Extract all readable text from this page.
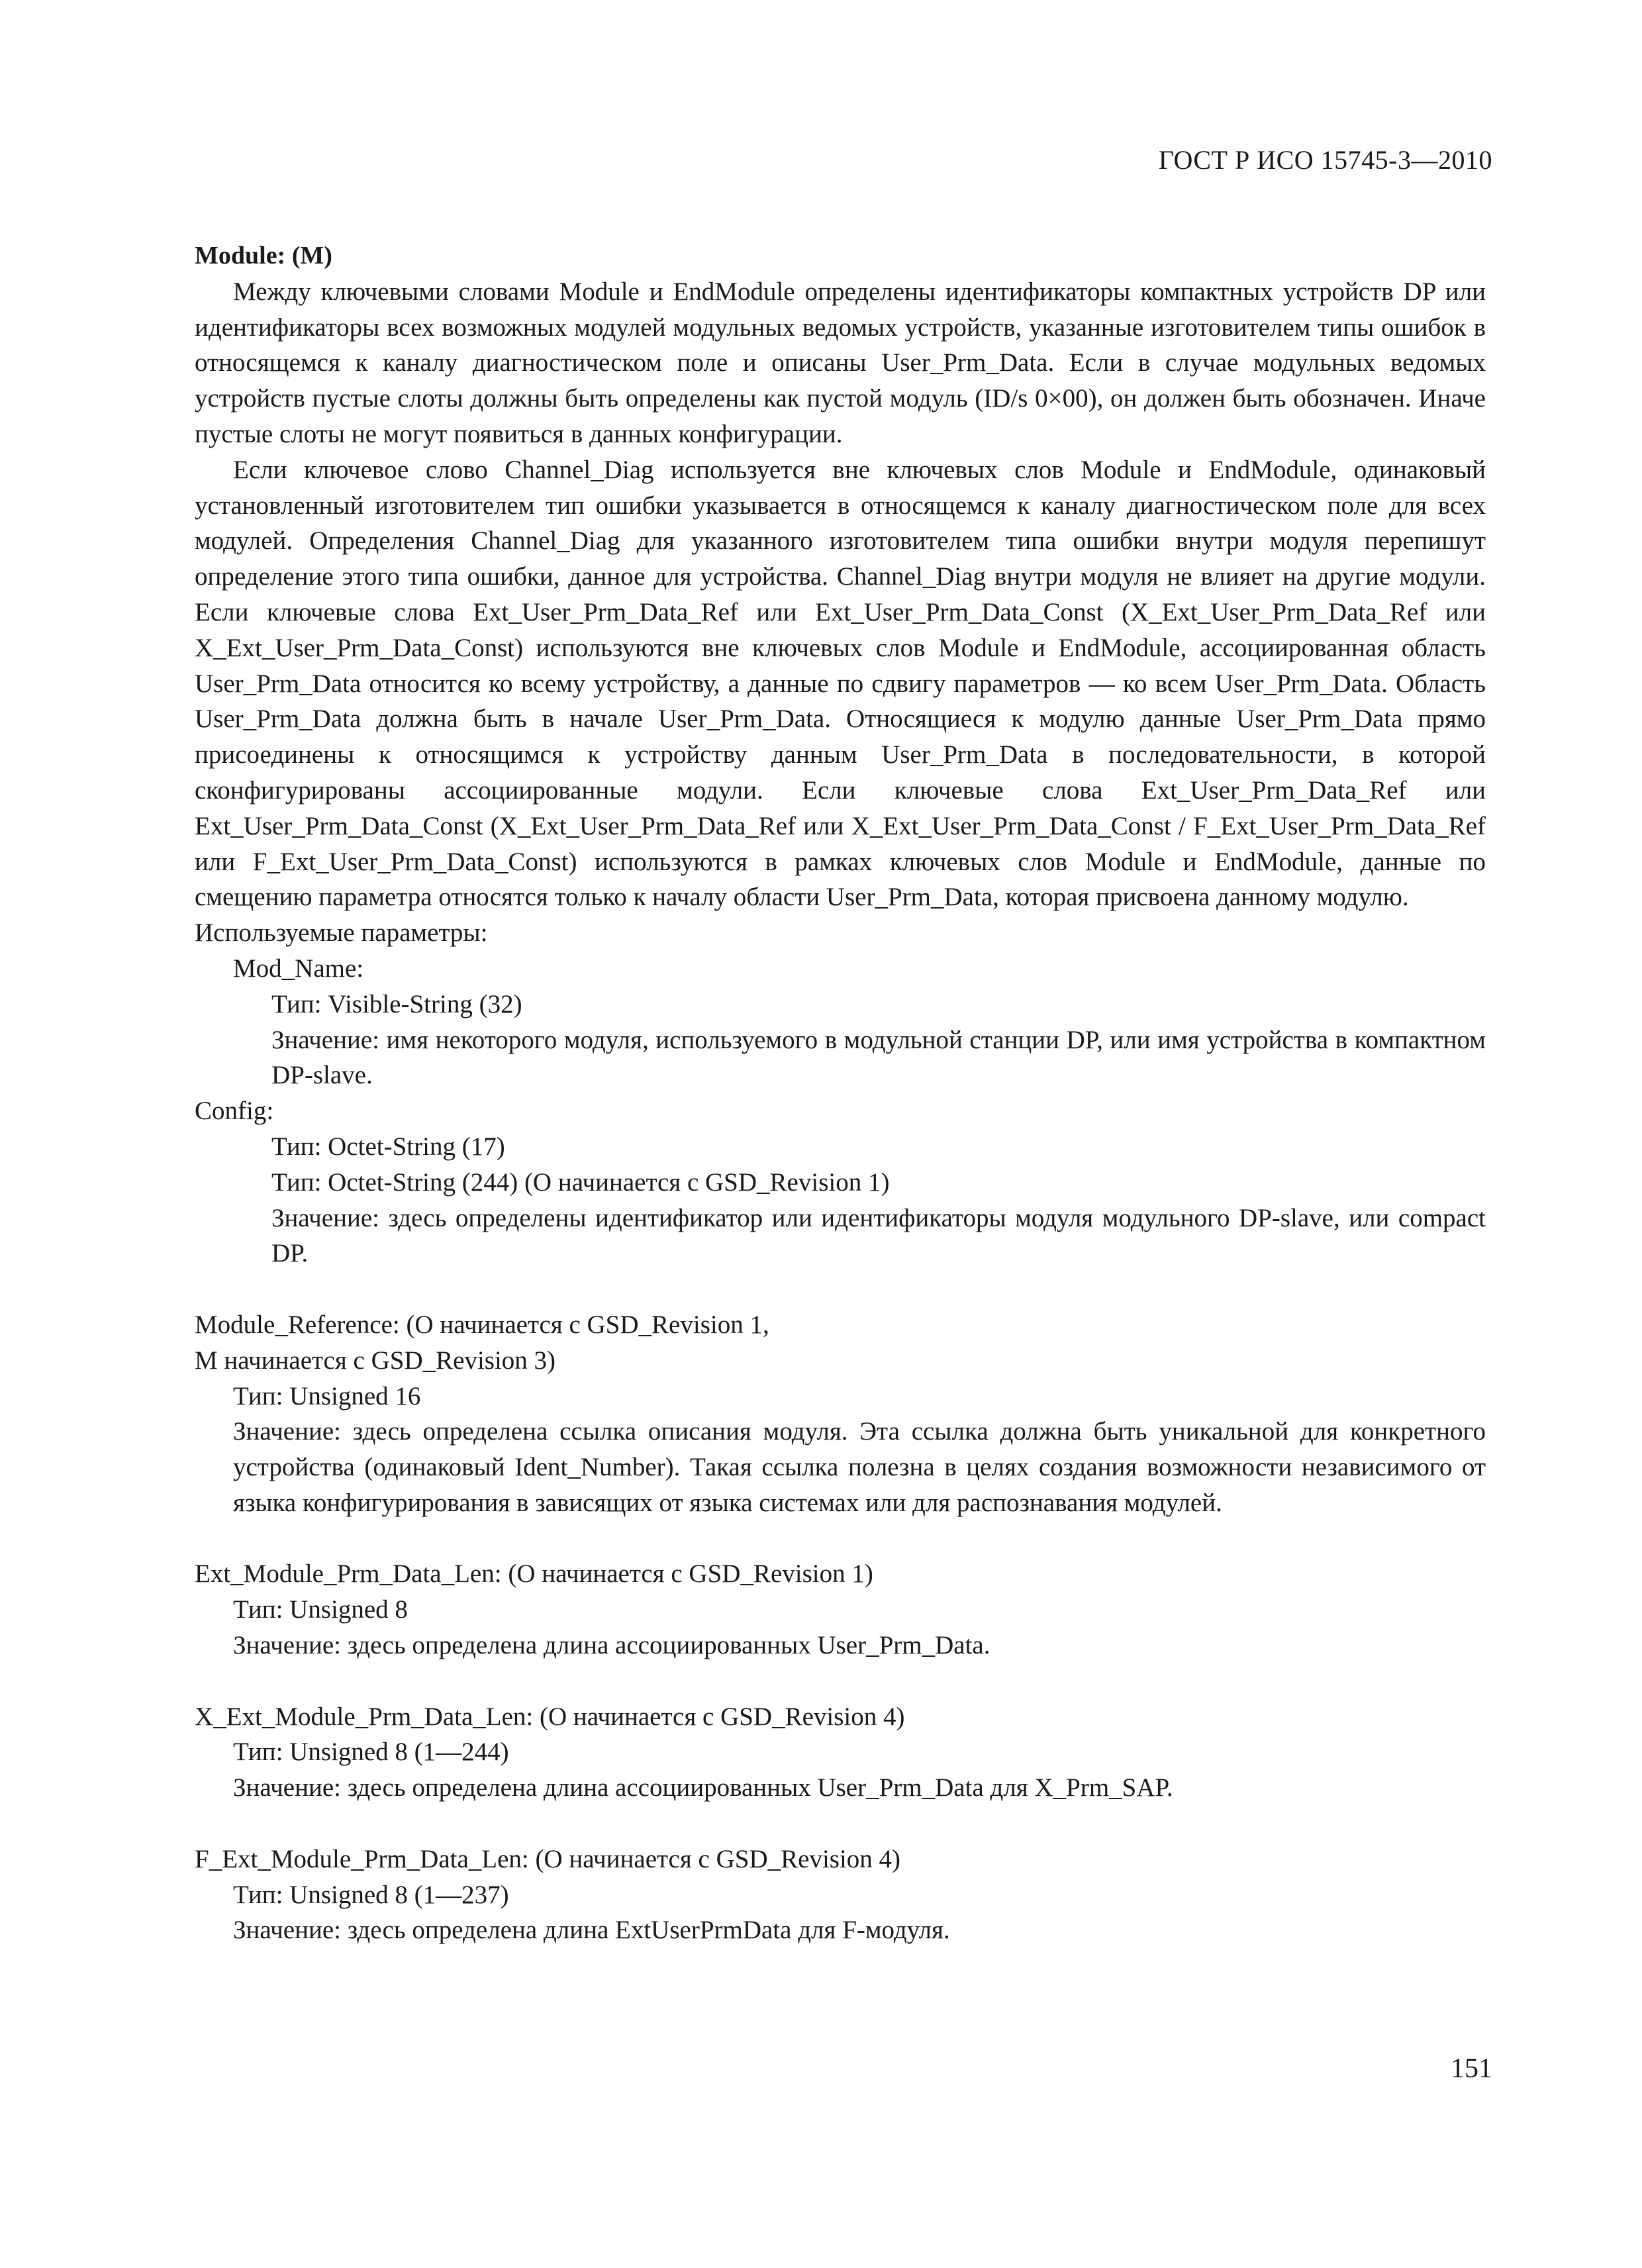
ГОСТ Р ИСО 15745-3—2010

Module: (M)

Между ключевыми словами Module и EndModule определены идентификаторы компактных устройств DP или идентификаторы всех возможных модулей модульных ведомых устройств, указанные изготовителем типы ошибок в относящемся к каналу диагностическом поле и описаны User_Prm_Data. Если в случае модульных ведомых устройств пустые слоты должны быть определены как пустой модуль (ID/s 0×00), он должен быть обозначен. Иначе пустые слоты не могут появиться в данных конфигурации.

Если ключевое слово Channel_Diag используется вне ключевых слов Module и EndModule, одинаковый установленный изготовителем тип ошибки указывается в относящемся к каналу диагностическом поле для всех модулей. Определения Channel_Diag для указанного изготовителем типа ошибки внутри модуля перепишут определение этого типа ошибки, данное для устройства. Channel_Diag внутри модуля не влияет на другие модули. Если ключевые слова Ext_User_Prm_Data_Ref или Ext_User_Prm_Data_Const (X_Ext_User_Prm_Data_Ref или X_Ext_User_Prm_Data_Const) используются вне ключевых слов Module и EndModule, ассоциированная область User_Prm_Data относится ко всему устройству, а данные по сдвигу параметров — ко всем User_Prm_Data. Область User_Prm_Data должна быть в начале User_Prm_Data. Относящиеся к модулю данные User_Prm_Data прямо присоединены к относящимся к устройству данным User_Prm_Data в последовательности, в которой сконфигурированы ассоциированные модули. Если ключевые слова Ext_User_Prm_Data_Ref или Ext_User_Prm_Data_Const (X_Ext_User_Prm_Data_Ref или X_Ext_User_Prm_Data_Const / F_Ext_User_Prm_Data_Ref или F_Ext_User_Prm_Data_Const) используются в рамках ключевых слов Module и EndModule, данные по смещению параметра относятся только к началу области User_Prm_Data, которая присвоена данному модулю.

Используемые параметры:

Mod_Name:

Тип: Visible-String (32)

Значение: имя некоторого модуля, используемого в модульной станции DP, или имя устройства в компактном DP-slave.

Config:

Тип: Octet-String (17)

Тип: Octet-String (244) (О начинается с GSD_Revision 1)

Значение: здесь определены идентификатор или идентификаторы модуля модульного DP-slave, или compact DP.

Module_Reference: (О начинается с GSD_Revision 1,

М начинается с GSD_Revision 3)

Тип: Unsigned 16

Значение: здесь определена ссылка описания модуля. Эта ссылка должна быть уникальной для конкретного устройства (одинаковый Ident_Number). Такая ссылка полезна в целях создания возможности независимого от языка конфигурирования в зависящих от языка системах или для распознавания модулей.

Ext_Module_Prm_Data_Len: (О начинается с GSD_Revision 1)

Тип: Unsigned 8

Значение: здесь определена длина ассоциированных User_Prm_Data.

X_Ext_Module_Prm_Data_Len: (О начинается с GSD_Revision 4)

Тип: Unsigned 8 (1—244)

Значение: здесь определена длина ассоциированных User_Prm_Data для X_Prm_SAP.

F_Ext_Module_Prm_Data_Len: (О начинается с GSD_Revision 4)

Тип: Unsigned 8 (1—237)

Значение: здесь определена длина ExtUserPrmData для F-модуля.

151
